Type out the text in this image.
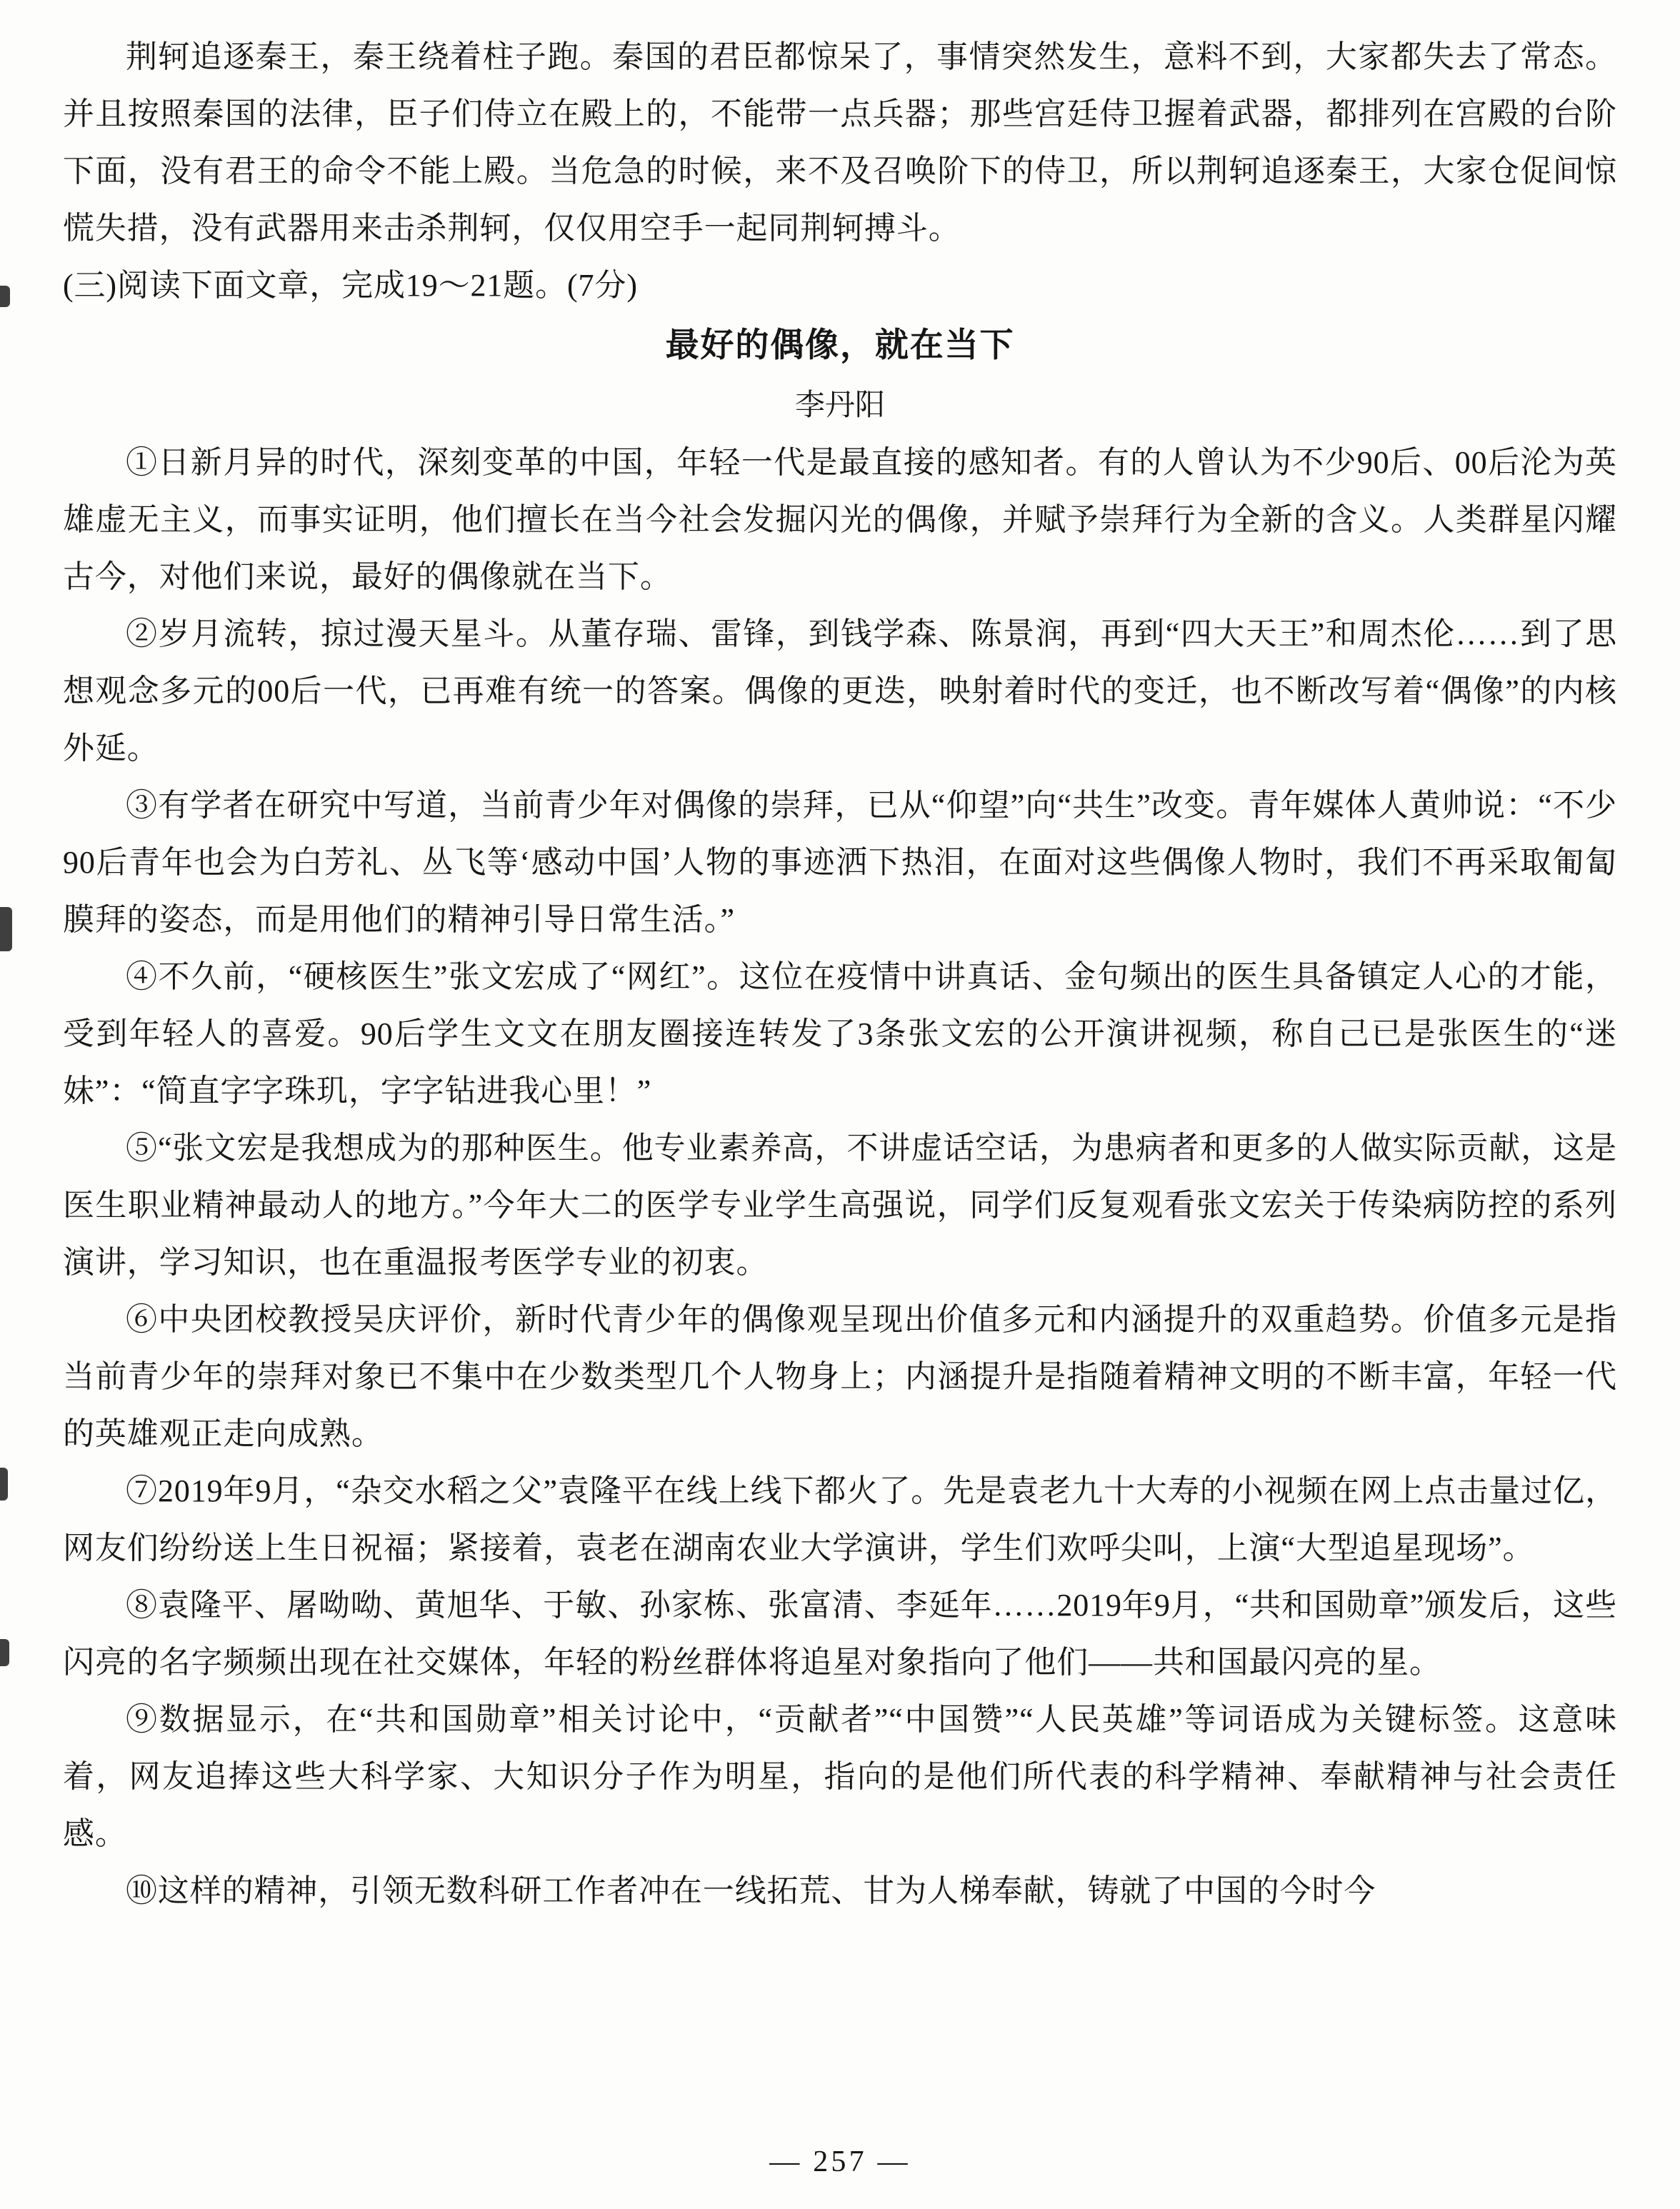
荆轲追逐秦王，秦王绕着柱子跑。秦国的君臣都惊呆了，事情突然发生，意料不到，大家都失去了常态。并且按照秦国的法律，臣子们侍立在殿上的，不能带一点兵器；那些宫廷侍卫握着武器，都排列在宫殿的台阶下面，没有君王的命令不能上殿。当危急的时候，来不及召唤阶下的侍卫，所以荆轲追逐秦王，大家仓促间惊慌失措，没有武器用来击杀荆轲，仅仅用空手一起同荆轲搏斗。

(三)阅读下面文章，完成19～21题。(7分)

最好的偶像，就在当下

李丹阳

①日新月异的时代，深刻变革的中国，年轻一代是最直接的感知者。有的人曾认为不少90后、00后沦为英雄虚无主义，而事实证明，他们擅长在当今社会发掘闪光的偶像，并赋予崇拜行为全新的含义。人类群星闪耀古今，对他们来说，最好的偶像就在当下。

②岁月流转，掠过漫天星斗。从董存瑞、雷锋，到钱学森、陈景润，再到“四大天王”和周杰伦……到了思想观念多元的00后一代，已再难有统一的答案。偶像的更迭，映射着时代的变迁，也不断改写着“偶像”的内核外延。

③有学者在研究中写道，当前青少年对偶像的崇拜，已从“仰望”向“共生”改变。青年媒体人黄帅说：“不少90后青年也会为白芳礼、丛飞等‘感动中国’人物的事迹洒下热泪，在面对这些偶像人物时，我们不再采取匍匐膜拜的姿态，而是用他们的精神引导日常生活。”

④不久前，“硬核医生”张文宏成了“网红”。这位在疫情中讲真话、金句频出的医生具备镇定人心的才能，受到年轻人的喜爱。90后学生文文在朋友圈接连转发了3条张文宏的公开演讲视频，称自己已是张医生的“迷妹”：“简直字字珠玑，字字钻进我心里！”

⑤“张文宏是我想成为的那种医生。他专业素养高，不讲虚话空话，为患病者和更多的人做实际贡献，这是医生职业精神最动人的地方。”今年大二的医学专业学生高强说，同学们反复观看张文宏关于传染病防控的系列演讲，学习知识，也在重温报考医学专业的初衷。

⑥中央团校教授吴庆评价，新时代青少年的偶像观呈现出价值多元和内涵提升的双重趋势。价值多元是指当前青少年的崇拜对象已不集中在少数类型几个人物身上；内涵提升是指随着精神文明的不断丰富，年轻一代的英雄观正走向成熟。

⑦2019年9月，“杂交水稻之父”袁隆平在线上线下都火了。先是袁老九十大寿的小视频在网上点击量过亿，网友们纷纷送上生日祝福；紧接着，袁老在湖南农业大学演讲，学生们欢呼尖叫，上演“大型追星现场”。

⑧袁隆平、屠呦呦、黄旭华、于敏、孙家栋、张富清、李延年……2019年9月，“共和国勋章”颁发后，这些闪亮的名字频频出现在社交媒体，年轻的粉丝群体将追星对象指向了他们——共和国最闪亮的星。

⑨数据显示，在“共和国勋章”相关讨论中，“贡献者”“中国赞”“人民英雄”等词语成为关键标签。这意味着，网友追捧这些大科学家、大知识分子作为明星，指向的是他们所代表的科学精神、奉献精神与社会责任感。

⑩这样的精神，引领无数科研工作者冲在一线拓荒、甘为人梯奉献，铸就了中国的今时今

— 257 —
